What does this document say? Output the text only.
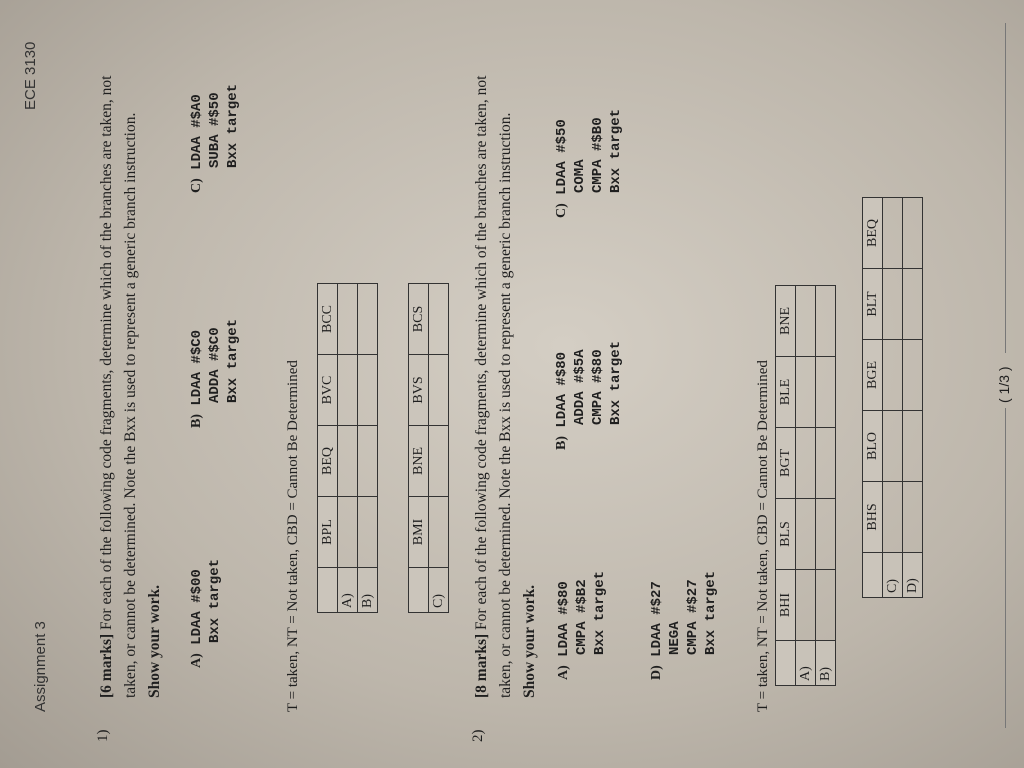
Assignment 3
ECE 3130
1)
[6 marks] For each of the following code fragments, determine which of the branches are taken, not taken, or cannot be determined. Note the Bxx is used to represent a generic branch instruction. Show your work. A) LDAA #$00 Bxx target
B) LDAA #$C0 ADDA #$C0 Bxx target
C) LDAA #$A0 SUBA #$50 Bxx target
T = taken, NT = Not taken, CBD = Cannot Be Determined
	BPL	BEQ	BVC	BCC
A)				
B)				
	BMI	BNE	BVS	BCS
C)				
2)
[8 marks] For each of the following code fragments, determine which of the branches are taken, not taken, or cannot be determined. Note the Bxx is used to represent a generic branch instruction. Show your work. A) LDAA #$80 CMPA #$B2 Bxx target
B) LDAA #$80 ADDA #$5A CMPA #$80 Bxx target
C) LDAA #$50 COMA CMPA #$B0 Bxx target
D) LDAA #$27 NEGA CMPA #$27 Bxx target T = taken, NT = Not taken, CBD = Cannot Be Determined
	BHI	BLS	BGT	BLE	BNE
A)					
B)					
	BHS	BLO	BGE	BLT	BEQ
C)					
D)					
( 1/3 )
